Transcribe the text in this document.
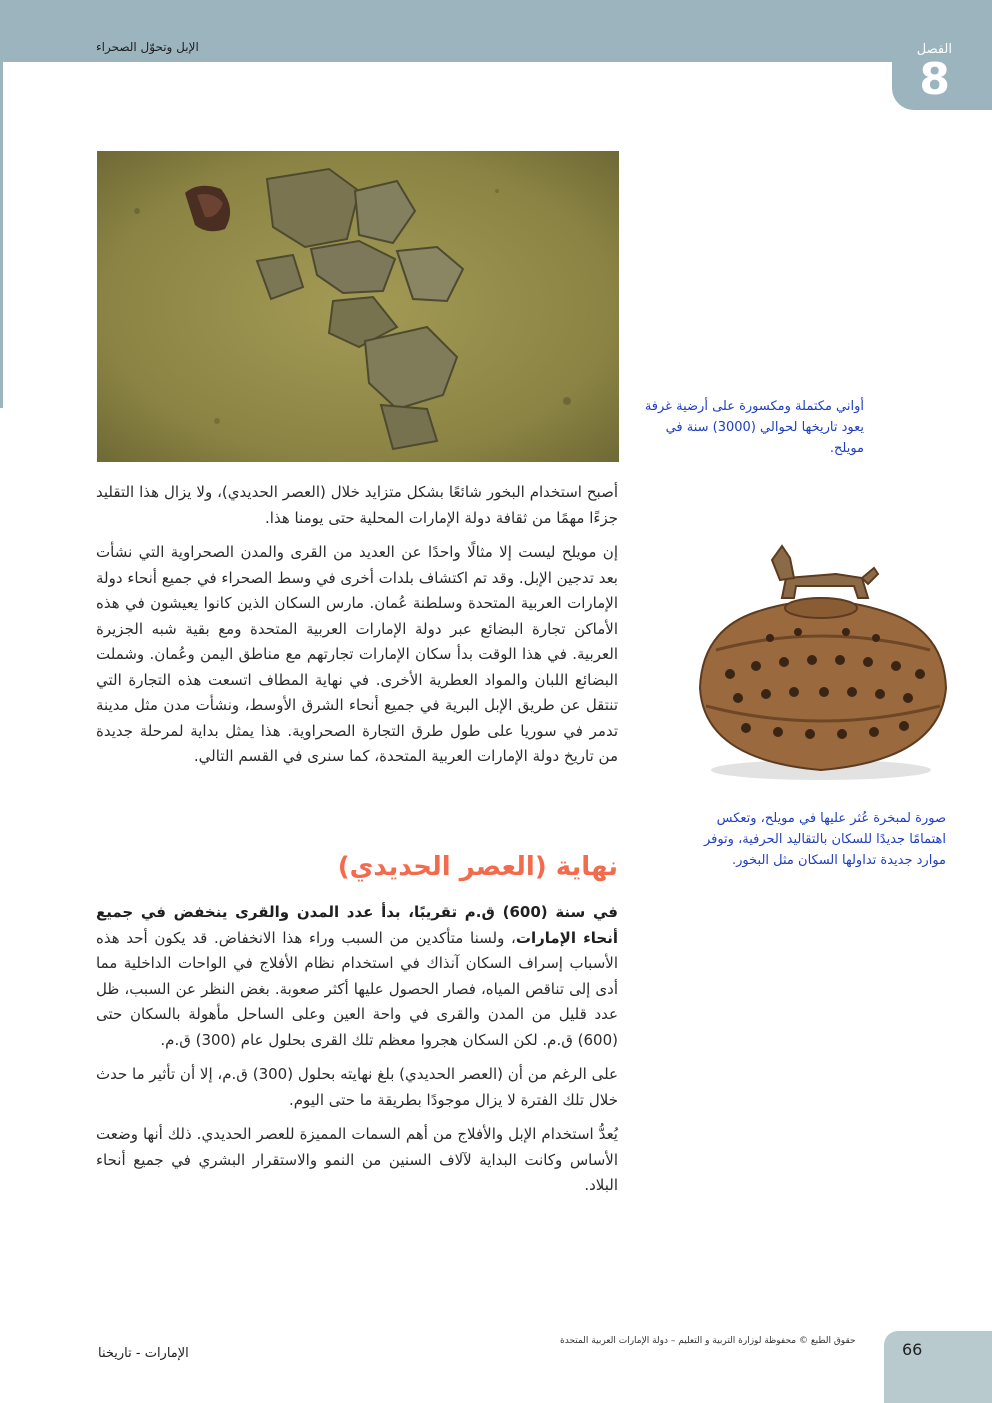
الفصل
8
الإبل وتحوّل الصحراء
أواني مكتملة ومكسورة على أرضية غرفة يعود تاريخها لحوالي (3000) سنة في مويلح.
صورة لمبخرة عُثر عليها في مويلح، وتعكس اهتمامًا جديدًا للسكان بالتقاليد الحرفية، وتوفر موارد جديدة تداولها السكان مثل البخور.

أصبح استخدام البخور شائعًا بشكل متزايد خلال (العصر الحديدي)، ولا يزال هذا التقليد جزءًا مهمًا من ثقافة دولة الإمارات المحلية حتى يومنا هذا.

إن مويلح ليست إلا مثالًا واحدًا عن العديد من القرى والمدن الصحراوية التي نشأت بعد تدجين الإبل. وقد تم اكتشاف بلدات أخرى في وسط الصحراء في جميع أنحاء دولة الإمارات العربية المتحدة وسلطنة عُمان. مارس السكان الذين كانوا يعيشون في هذه الأماكن تجارة البضائع عبر دولة الإمارات العربية المتحدة ومع بقية شبه الجزيرة العربية. في هذا الوقت بدأ سكان الإمارات تجارتهم مع مناطق اليمن وعُمان. وشملت البضائع اللبان والمواد العطرية الأخرى. في نهاية المطاف اتسعت هذه التجارة التي تنتقل عن طريق الإبل البرية في جميع أنحاء الشرق الأوسط، ونشأت مدن مثل مدينة تدمر في سوريا على طول طرق التجارة الصحراوية. هذا يمثل بداية لمرحلة جديدة من تاريخ دولة الإمارات العربية المتحدة، كما سنرى في القسم التالي.

نهاية (العصر الحديدي)

في سنة (600) ق.م تقريبًا، بدأ عدد المدن والقرى ينخفض في جميع أنحاء الإمارات، ولسنا متأكدين من السبب وراء هذا الانخفاض. قد يكون أحد هذه الأسباب إسراف السكان آنذاك في استخدام نظام الأفلاج في الواحات الداخلية مما أدى إلى تناقص المياه، فصار الحصول عليها أكثر صعوبة. بغض النظر عن السبب، ظل عدد قليل من المدن والقرى في واحة العين وعلى الساحل مأهولة بالسكان حتى (600) ق.م. لكن السكان هجروا معظم تلك القرى بحلول عام (300) ق.م.

على الرغم من أن (العصر الحديدي) بلغ نهايته بحلول (300) ق.م، إلا أن تأثير ما حدث خلال تلك الفترة لا يزال موجودًا بطريقة ما حتى اليوم.

يُعدُّ استخدام الإبل والأفلاج من أهم السمات المميزة للعصر الحديدي. ذلك أنها وضعت الأساس وكانت البداية لآلاف السنين من النمو والاستقرار البشري في جميع أنحاء البلاد.

حقوق الطبع © محفوظة لوزارة التربية و التعليم – دولة الإمارات العربية المتحدة
الإمارات - تاريخنا	66
